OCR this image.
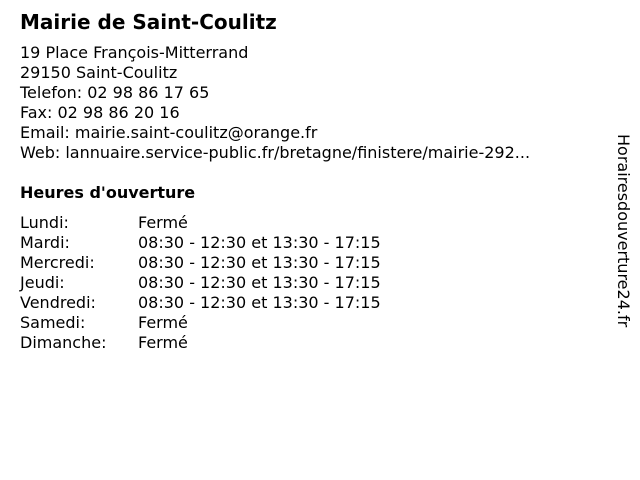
Mairie de Saint-Coulitz
19 Place François-Mitterrand
29150 Saint-Coulitz
Telefon: 02 98 86 17 65
Fax: 02 98 86 20 16
Email: mairie.saint-coulitz@orange.fr
Web: lannuaire.service-public.fr/bretagne/finistere/mairie-292...
Heures d'ouverture
Lundi:	Fermé
Mardi:	08:30 - 12:30 et 13:30 - 17:15
Mercredi:	08:30 - 12:30 et 13:30 - 17:15
Jeudi:	08:30 - 12:30 et 13:30 - 17:15
Vendredi:	08:30 - 12:30 et 13:30 - 17:15
Samedi:	Fermé
Dimanche: Fermé
Horairesdouverture24.fr
